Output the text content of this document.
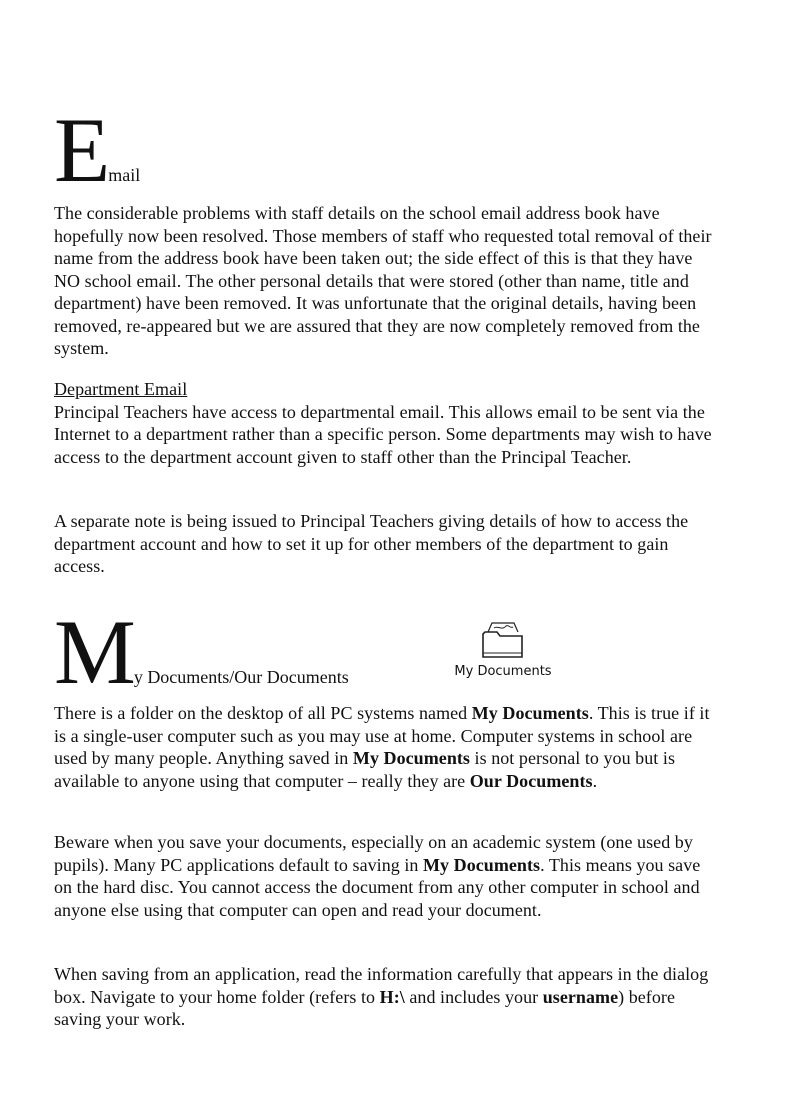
Email

The considerable problems with staff details on the school email address book have hopefully now been resolved. Those members of staff who requested total removal of their name from the address book have been taken out; the side effect of this is that they have NO school email. The other personal details that were stored (other than name, title and department) have been removed. It was unfortunate that the original details, having been removed, re-appeared but we are assured that they are now completely removed from the system.

Department Email
Principal Teachers have access to departmental email. This allows email to be sent via the Internet to a department rather than a specific person. Some departments may wish to have access to the department account given to staff other than the Principal Teacher.

A separate note is being issued to Principal Teachers giving details of how to access the department account and how to set it up for other members of the department to gain access.

My Documents/Our Documents	My Documents

There is a folder on the desktop of all PC systems named My Documents. This is true if it is a single-user computer such as you may use at home. Computer systems in school are used by many people. Anything saved in My Documents is not personal to you but is available to anyone using that computer – really they are Our Documents.

Beware when you save your documents, especially on an academic system (one used by pupils). Many PC applications default to saving in My Documents. This means you save on the hard disc. You cannot access the document from any other computer in school and anyone else using that computer can open and read your document.

When saving from an application, read the information carefully that appears in the dialog box. Navigate to your home folder (refers to H:\ and includes your username) before saving your work.
